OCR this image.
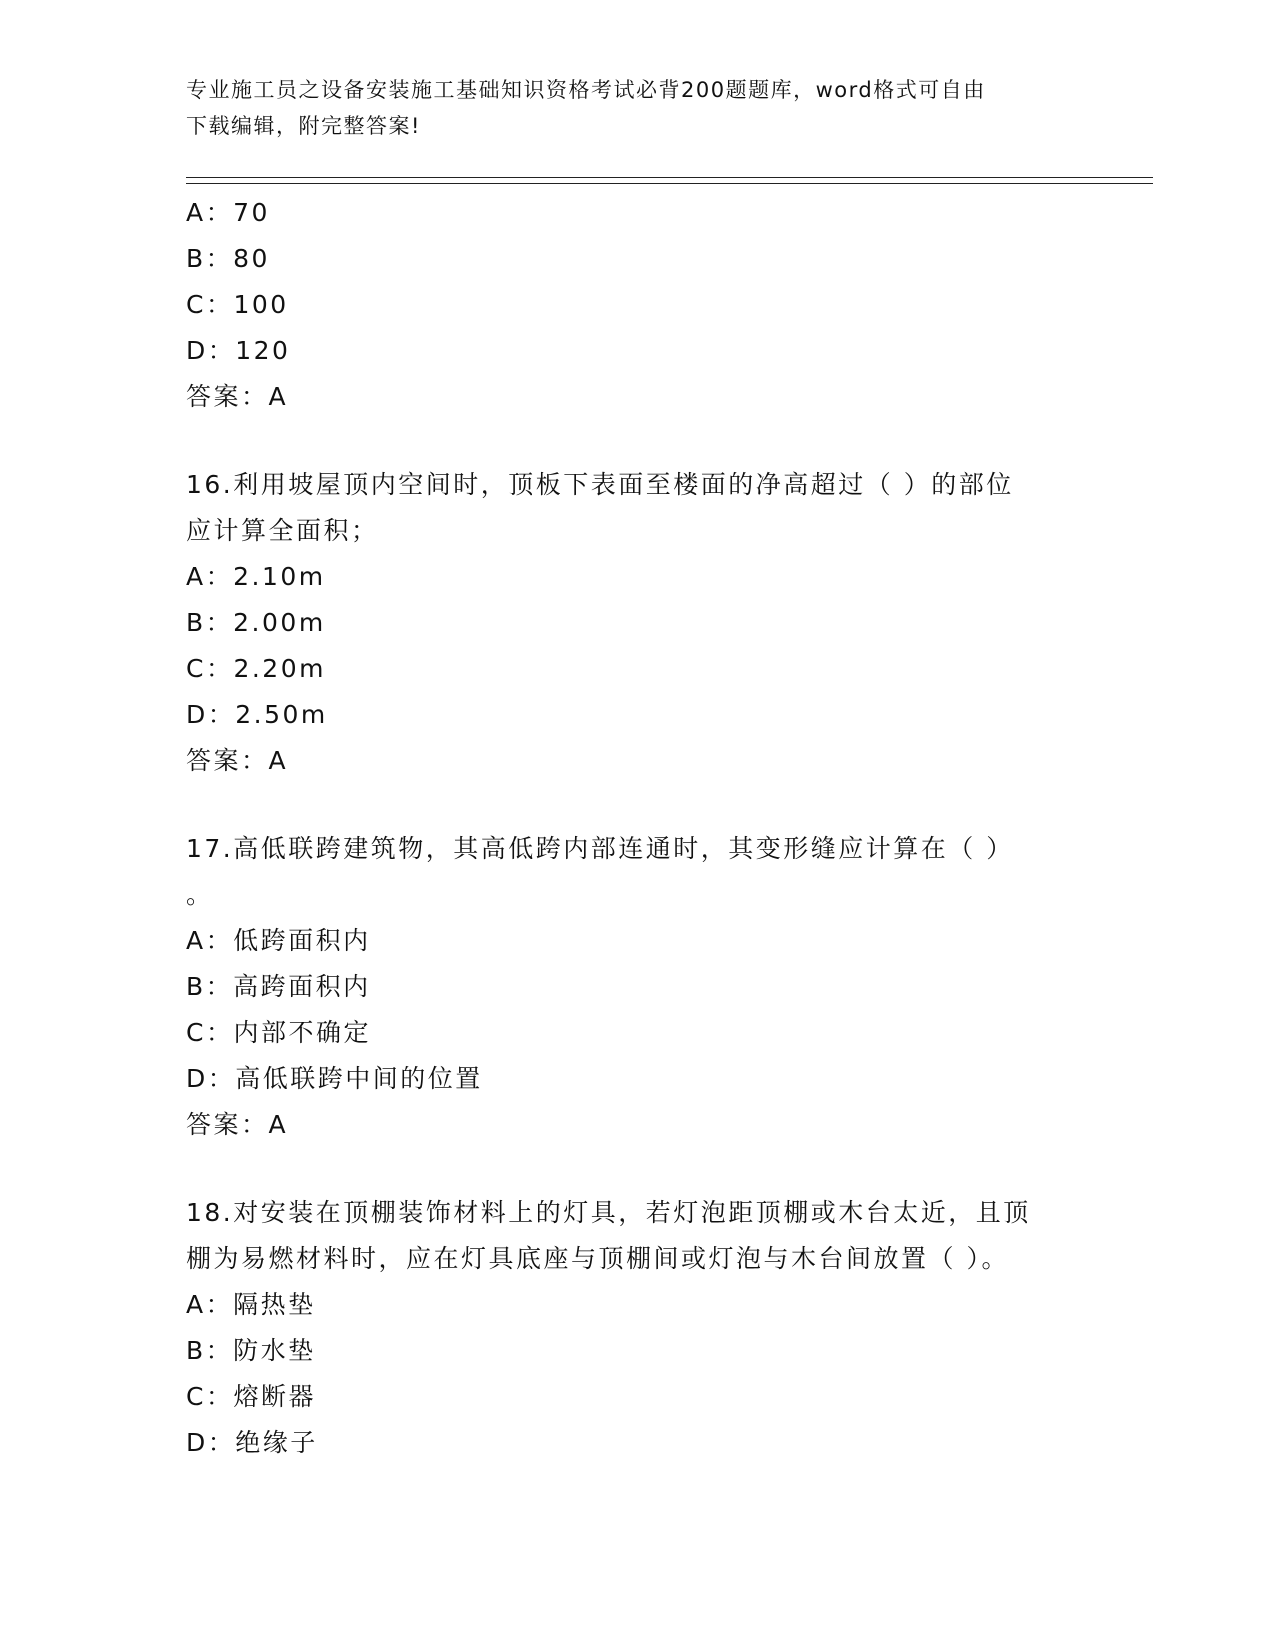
专业施工员之设备安装施工基础知识资格考试必背200题题库，word格式可自由
下载编辑，附完整答案!
A：70
B：80
C：100
D：120
答案：A
16.利用坡屋顶内空间时，顶板下表面至楼面的净高超过（ ）的部位
应计算全面积；
A：2.10m
B：2.00m
C：2.20m
D：2.50m
答案：A
17.高低联跨建筑物，其高低跨内部连通时，其变形缝应计算在（ ）
。
A：低跨面积内
B：高跨面积内
C：内部不确定
D：高低联跨中间的位置
答案：A
18.对安装在顶棚装饰材料上的灯具，若灯泡距顶棚或木台太近，且顶
棚为易燃材料时，应在灯具底座与顶棚间或灯泡与木台间放置（ ）。
A：隔热垫
B：防水垫
C：熔断器
D：绝缘子
